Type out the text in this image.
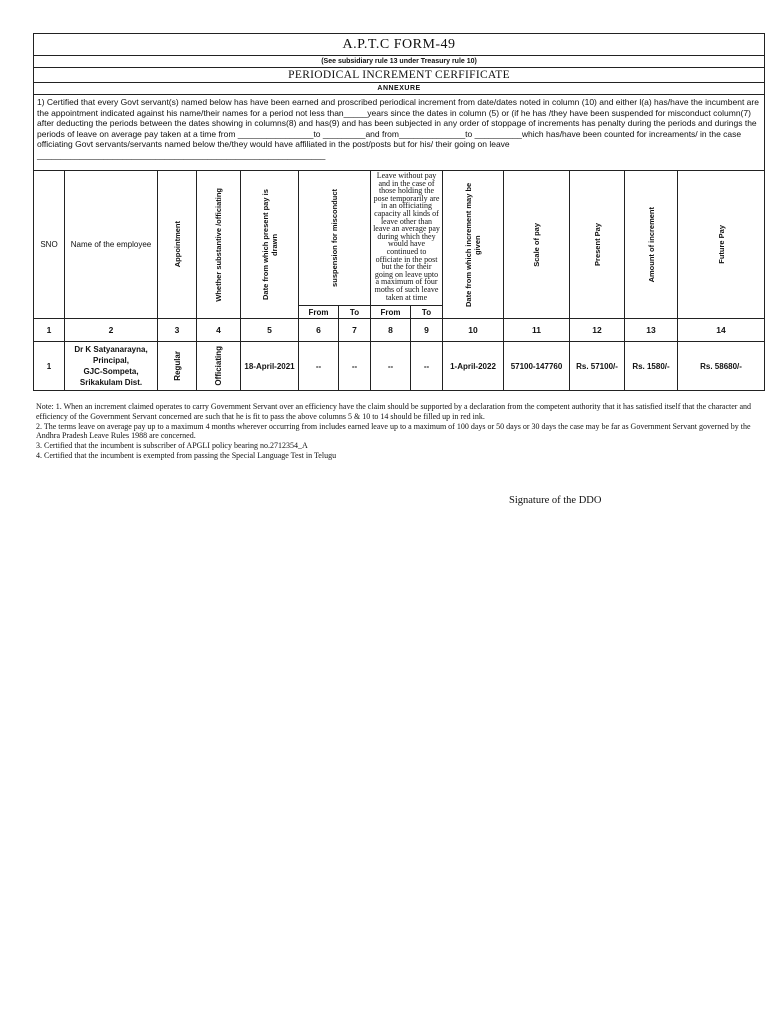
A.P.T.C FORM-49													
(See subsidiary rule 13 under Treasury rule 10)													
PERIODICAL INCREMENT CERFIFICATE													
ANNEXURE													
1) Certified that every Govt servant(s) named below has have been earned and proscribed periodical increment from date/dates noted in column (10) and either l(a) has/have the incumbent are the appointment indicated against his name/their names for a period not less than_____years since the dates in column (5) or (if he has /they have been suspended for misconduct column(7) after deducting the periods between the dates showing in columns(8) and has(9) and has been subjected in any order of stoppage of increments has penalty during the periods and durings the periods of leave on average pay taken at a time from ________________to _________and from______________to __________which has/have been counted for increaments/ in the case officiating Govt servants/servants named below the/they would have affiliated in the post/posts but for his/ their going on leave _____________________________________________________________													
SNO	Name of the employee	Appointment	Whether substantive /officiating	Date from which present pay is drawn	suspension for misconduct		Leave without pay and in the case of those holding the pose temporarily are in an officiating capacity all kinds of leave other than leave an average pay during which they would have continued to officiate in the post but the for their going on leave upto a maximum of four moths of such leave taken at time		Date from which increment may be given	Scale of pay	Present Pay	Amount of increment	Future Pay

					From	To	From	To					
1	2	3	4	5	6	7	8	9	10	11	12	13	14
1	Dr K Satyanarayna,
Principal,
GJC-Sompeta,
Srikakulam Dist.	Regular	Officiating	18-April-2021	--	--	--	--	1-April-2022	57100-147760	Rs. 57100/-	Rs. 1580/-	Rs. 58680/-
Note: 1. When an increment claimed operates to carry Government Servant over an efficiency have the claim should be supported by a declaration from the competent authority that it has satisfied itself that the character and efficiency of the Government Servant concerned are such that he is fit to pass the above columns 5 & 10 to 14 should be filled up in red ink.
2. The terms leave on average pay up to a maximum 4 months wherever occurring from includes earned leave up to a maximum of 100 days or 50 days or 30 days the case may be far as Government Servant governed by the Andhra Pradesh Leave Rules 1988 are concerned.
3. Certified that the incumbent is subscriber of APGLI policy bearing no.2712354_A
4. Certified that the incumbent is exempted from passing the Special Language Test in Telugu
Signature of the DDO
